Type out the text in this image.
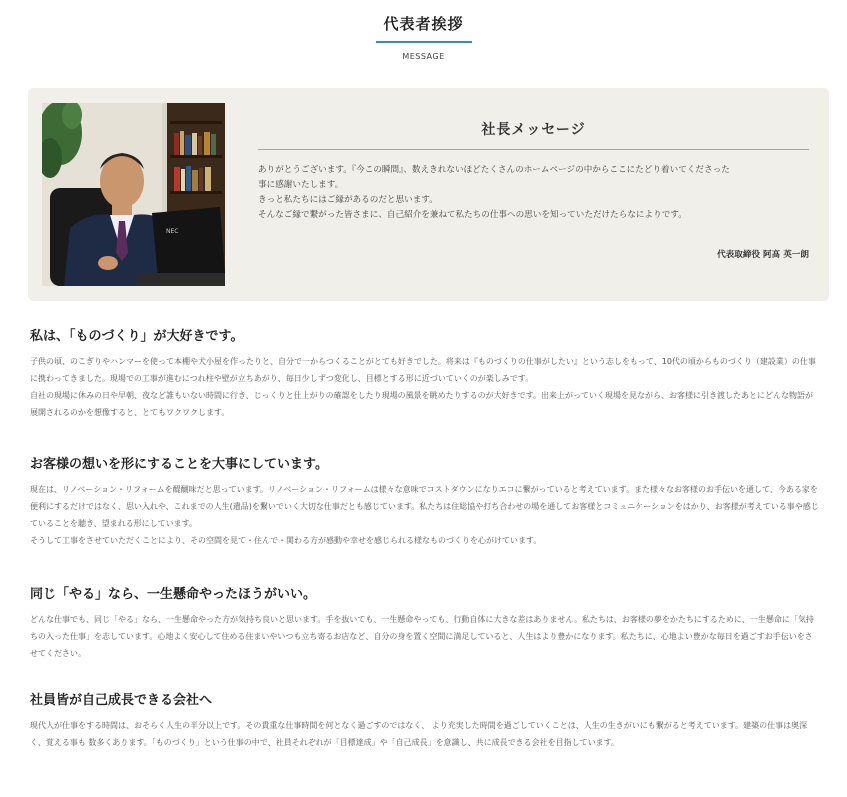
代表者挨拶
MESSAGE
NEC
社長メッセージ

ありがとうございます。『今この瞬間』、数えきれないほどたくさんのホームページの中からここにたどり着いてくださった

事に感謝いたします。

きっと私たちにはご縁があるのだと思います。

そんなご縁で繋がった皆さまに、自己紹介を兼ねて私たちの仕事への思いを知っていただけたらなによりです。

代表取締役 阿髙 英一朗
私は、「ものづくり」が大好きです。
子供の頃、のこぎりやハンマーを使って本棚や犬小屋を作ったりと、自分で一からつくることがとても好きでした。将来は『ものづくりの仕事がしたい』という志しをもって、10代の頃からものづくり（建設業）の仕事に携わってきました。現場での工事が進むにつれ柱や壁が立ちあがり、毎日少しずつ変化し、目標とする形に近づいていくのが楽しみです。
自社の現場に休みの日や早朝、夜など誰もいない時間に行き、じっくりと仕上がりの確認をしたり現場の風景を眺めたりするのが大好きです。出来上がっていく現場を見ながら、お客様に引き渡したあとにどんな物語が展開されるのかを想像すると、とてもワクワクします。
お客様の想いを形にすることを大事にしています。
現在は、リノベーション・リフォームを醍醐味だと思っています。リノベーション・リフォームは様々な意味でコストダウンになりエコに繋がっていると考えています。また様々なお客様のお手伝いを通して、今ある家を便利にするだけではなく、思い入れや、これまでの人生(遺品)を繋いでいく大切な仕事だとも感じています。私たちは住総協や打ち合わせの場を通してお客様とコミュニケーションをはかり、お客様が考えている事や感じていることを聴き、望まれる形にしています。
そうして工事をさせていただくことにより、その空間を見て・住んで・関わる方が感動や幸せを感じられる様なものづくりを心がけています。
同じ「やる」なら、一生懸命やったほうがいい。
どんな仕事でも、同じ「やる」なら、一生懸命やった方が気持ち良いと思います。手を抜いても、一生懸命やっても、行動自体に大きな差はありません。私たちは、お客様の夢をかたちにするために、一生懸命に「気持ちの入った仕事」を志しています。心地よく安心して住める住まいやいつも立ち寄るお店など、自分の身を置く空間に満足していると、人生はより豊かになります。私たちに、心地よい豊かな毎日を過ごすお手伝いをさせてください。
社員皆が自己成長できる会社へ
現代人が仕事をする時間は、おそらく人生の半分以上です。その貴重な仕事時間を何となく過ごすのではなく、 より充実した時間を過ごしていくことは、人生の生きがいにも繋がると考えています。建築の仕事は奥深く、覚える事も 数多くあります。「ものづくり」という仕事の中で、社員それぞれが「目標達成」や「自己成長」を意識し、共に成長できる会社を目指しています。
